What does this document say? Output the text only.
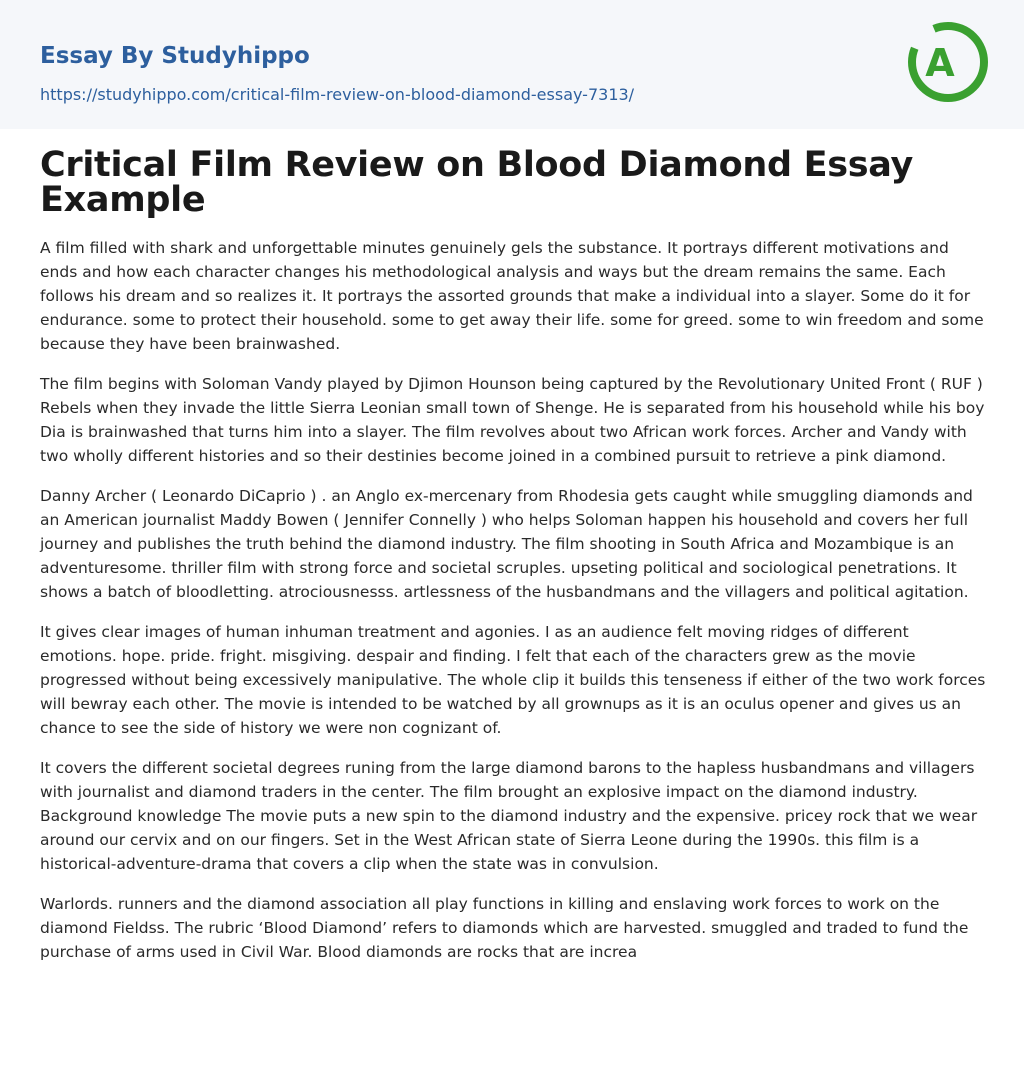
Essay By Studyhippo
https://studyhippo.com/critical-film-review-on-blood-diamond-essay-7313/
A
Critical Film Review on Blood Diamond Essay Example

A film filled with shark and unforgettable minutes genuinely gels the substance. It portrays different motivations and ends and how each character changes his methodological analysis and ways but the dream remains the same. Each follows his dream and so realizes it. It portrays the assorted grounds that make a individual into a slayer. Some do it for endurance. some to protect their household. some to get away their life. some for greed. some to win freedom and some because they have been brainwashed.

The film begins with Soloman Vandy played by Djimon Hounson being captured by the Revolutionary United Front ( RUF ) Rebels when they invade the little Sierra Leonian small town of Shenge. He is separated from his household while his boy Dia is brainwashed that turns him into a slayer. The film revolves about two African work forces. Archer and Vandy with two wholly different histories and so their destinies become joined in a combined pursuit to retrieve a pink diamond.

Danny Archer ( Leonardo DiCaprio ) . an Anglo ex-mercenary from Rhodesia gets caught while smuggling diamonds and an American journalist Maddy Bowen ( Jennifer Connelly ) who helps Soloman happen his household and covers her full journey and publishes the truth behind the diamond industry. The film shooting in South Africa and Mozambique is an adventuresome. thriller film with strong force and societal scruples. upseting political and sociological penetrations. It shows a batch of bloodletting. atrociousnesss. artlessness of the husbandmans and the villagers and political agitation.

It gives clear images of human inhuman treatment and agonies. I as an audience felt moving ridges of different emotions. hope. pride. fright. misgiving. despair and finding. I felt that each of the characters grew as the movie progressed without being excessively manipulative. The whole clip it builds this tenseness if either of the two work forces will bewray each other. The movie is intended to be watched by all grownups as it is an oculus opener and gives us an chance to see the side of history we were non cognizant of.

It covers the different societal degrees runing from the large diamond barons to the hapless husbandmans and villagers with journalist and diamond traders in the center. The film brought an explosive impact on the diamond industry. Background knowledge The movie puts a new spin to the diamond industry and the expensive. pricey rock that we wear around our cervix and on our fingers. Set in the West African state of Sierra Leone during the 1990s. this film is a historical-adventure-drama that covers a clip when the state was in convulsion.

Warlords. runners and the diamond association all play functions in killing and enslaving work forces to work on the diamond Fieldss. The rubric ‘Blood Diamond’ refers to diamonds which are harvested. smuggled and traded to fund the purchase of arms used in Civil War. Blood diamonds are rocks that are increa
